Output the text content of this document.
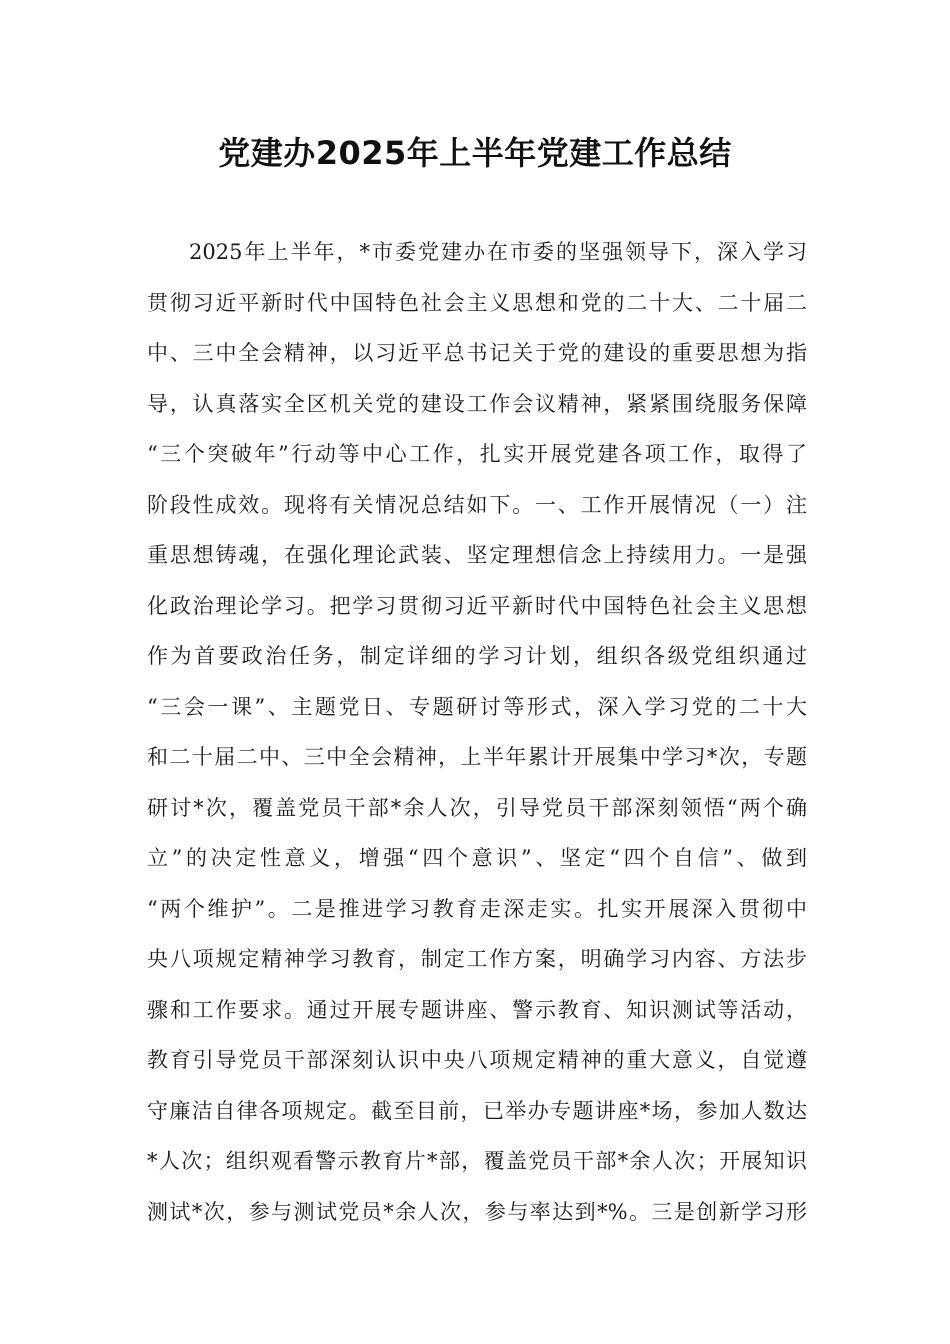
党建办2025年上半年党建工作总结
2025年上半年，*市委党建办在市委的坚强领导下，深入学习
贯彻习近平新时代中国特色社会主义思想和党的二十大、二十届二
中、三中全会精神，以习近平总书记关于党的建设的重要思想为指
导，认真落实全区机关党的建设工作会议精神，紧紧围绕服务保障
“三个突破年”行动等中心工作，扎实开展党建各项工作，取得了
阶段性成效。现将有关情况总结如下。一、工作开展情况（一）注
重思想铸魂，在强化理论武装、坚定理想信念上持续用力。一是强
化政治理论学习。把学习贯彻习近平新时代中国特色社会主义思想
作为首要政治任务，制定详细的学习计划，组织各级党组织通过
“三会一课”、主题党日、专题研讨等形式，深入学习党的二十大
和二十届二中、三中全会精神，上半年累计开展集中学习*次，专题
研讨*次，覆盖党员干部*余人次，引导党员干部深刻领悟“两个确
立”的决定性意义，增强“四个意识”、坚定“四个自信”、做到
“两个维护”。二是推进学习教育走深走实。扎实开展深入贯彻中
央八项规定精神学习教育，制定工作方案，明确学习内容、方法步
骤和工作要求。通过开展专题讲座、警示教育、知识测试等活动，
教育引导党员干部深刻认识中央八项规定精神的重大意义，自觉遵
守廉洁自律各项规定。截至目前，已举办专题讲座*场，参加人数达
*人次；组织观看警示教育片*部，覆盖党员干部*余人次；开展知识
测试*次，参与测试党员*余人次，参与率达到*%。三是创新学习形
